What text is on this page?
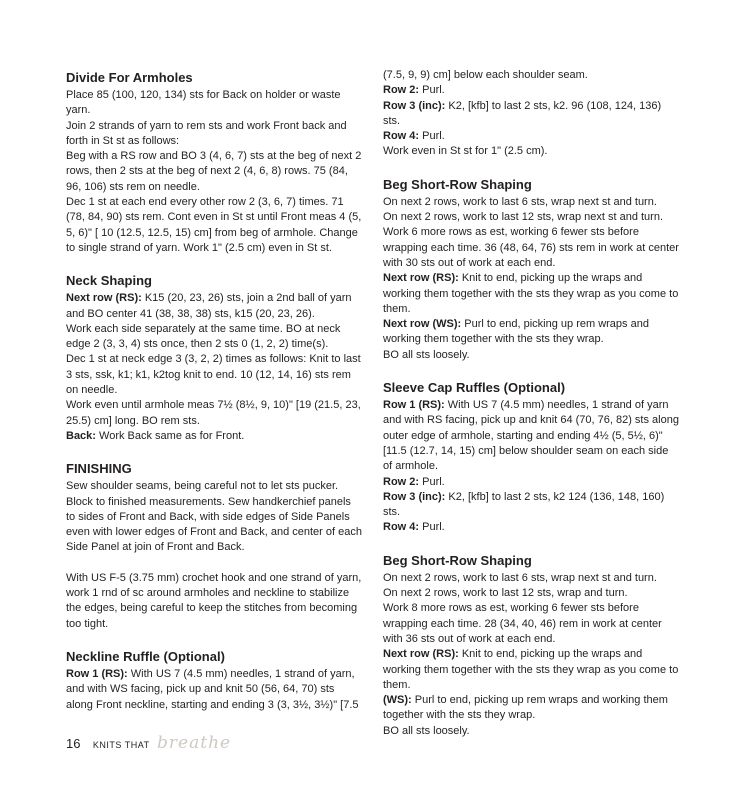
Divide For Armholes

Place 85 (100, 120, 134) sts for Back on holder or waste yarn.

Join 2 strands of yarn to rem sts and work Front back and forth in St st as follows:

Beg with a RS row and BO 3 (4, 6, 7) sts at the beg of next 2 rows, then 2 sts at the beg of next 2 (4, 6, 8) rows. 75 (84, 96, 106) sts rem on needle.

Dec 1 st at each end every other row 2 (3, 6, 7) times. 71 (78, 84, 90) sts rem. Cont even in St st until Front meas 4 (5, 5, 6)" [ 10 (12.5, 12.5, 15) cm] from beg of armhole. Change to single strand of yarn. Work 1" (2.5 cm) even in St st.

Neck Shaping

Next row (RS): K15 (20, 23, 26) sts, join a 2nd ball of yarn and BO center 41 (38, 38, 38) sts, k15 (20, 23, 26).

Work each side separately at the same time. BO at neck edge 2 (3, 3, 4) sts once, then 2 sts 0 (1, 2, 2) time(s).

Dec 1 st at neck edge 3 (3, 2, 2) times as follows: Knit to last 3 sts, ssk, k1; k1, k2tog knit to end. 10 (12, 14, 16) sts rem on needle.

Work even until armhole meas 7½ (8½, 9, 10)" [19 (21.5, 23, 25.5) cm] long. BO rem sts.

Back: Work Back same as for Front.

FINISHING

Sew shoulder seams, being careful not to let sts pucker. Block to finished measurements. Sew handkerchief panels to sides of Front and Back, with side edges of Side Panels even with lower edges of Front and Back, and center of each Side Panel at join of Front and Back.

With US F-5 (3.75 mm) crochet hook and one strand of yarn, work 1 rnd of sc around armholes and neckline to stabilize the edges, being careful to keep the stitches from becoming too tight.

Neckline Ruffle (Optional)

Row 1 (RS): With US 7 (4.5 mm) needles, 1 strand of yarn, and with WS facing, pick up and knit 50 (56, 64, 70) sts along Front neckline, starting and ending 3 (3, 3½, 3½)" [7.5

(7.5, 9, 9) cm] below each shoulder seam.

Row 2: Purl.

Row 3 (inc): K2, [kfb] to last 2 sts, k2. 96 (108, 124, 136) sts.

Row 4: Purl.

Work even in St st for 1" (2.5 cm).

Beg Short-Row Shaping

On next 2 rows, work to last 6 sts, wrap next st and turn.

On next 2 rows, work to last 12 sts, wrap next st and turn.

Work 6 more rows as est, working 6 fewer sts before wrapping each time. 36 (48, 64, 76) sts rem in work at center with 30 sts out of work at each end.

Next row (RS): Knit to end, picking up the wraps and working them together with the sts they wrap as you come to them.

Next row (WS): Purl to end, picking up rem wraps and working them together with the sts they wrap.

BO all sts loosely.

Sleeve Cap Ruffles (Optional)

Row 1 (RS): With US 7 (4.5 mm) needles, 1 strand of yarn and with RS facing, pick up and knit 64 (70, 76, 82) sts along outer edge of armhole, starting and ending 4½ (5, 5½, 6)" [11.5 (12.7, 14, 15) cm] below shoulder seam on each side of armhole.

Row 2: Purl.

Row 3 (inc): K2, [kfb] to last 2 sts, k2 124 (136, 148, 160) sts.

Row 4: Purl.

Beg Short-Row Shaping

On next 2 rows, work to last 6 sts, wrap next st and turn.

On next 2 rows, work to last 12 sts, wrap and turn.

Work 8 more rows as est, working 6 fewer sts before wrapping each time. 28 (34, 40, 46) rem in work at center with 36 sts out of work at each end.

Next row (RS): Knit to end, picking up the wraps and working them together with the sts they wrap as you come to them.

(WS): Purl to end, picking up rem wraps and working them together with the sts they wrap.

BO all sts loosely.

16 KNITS THAT breathe
